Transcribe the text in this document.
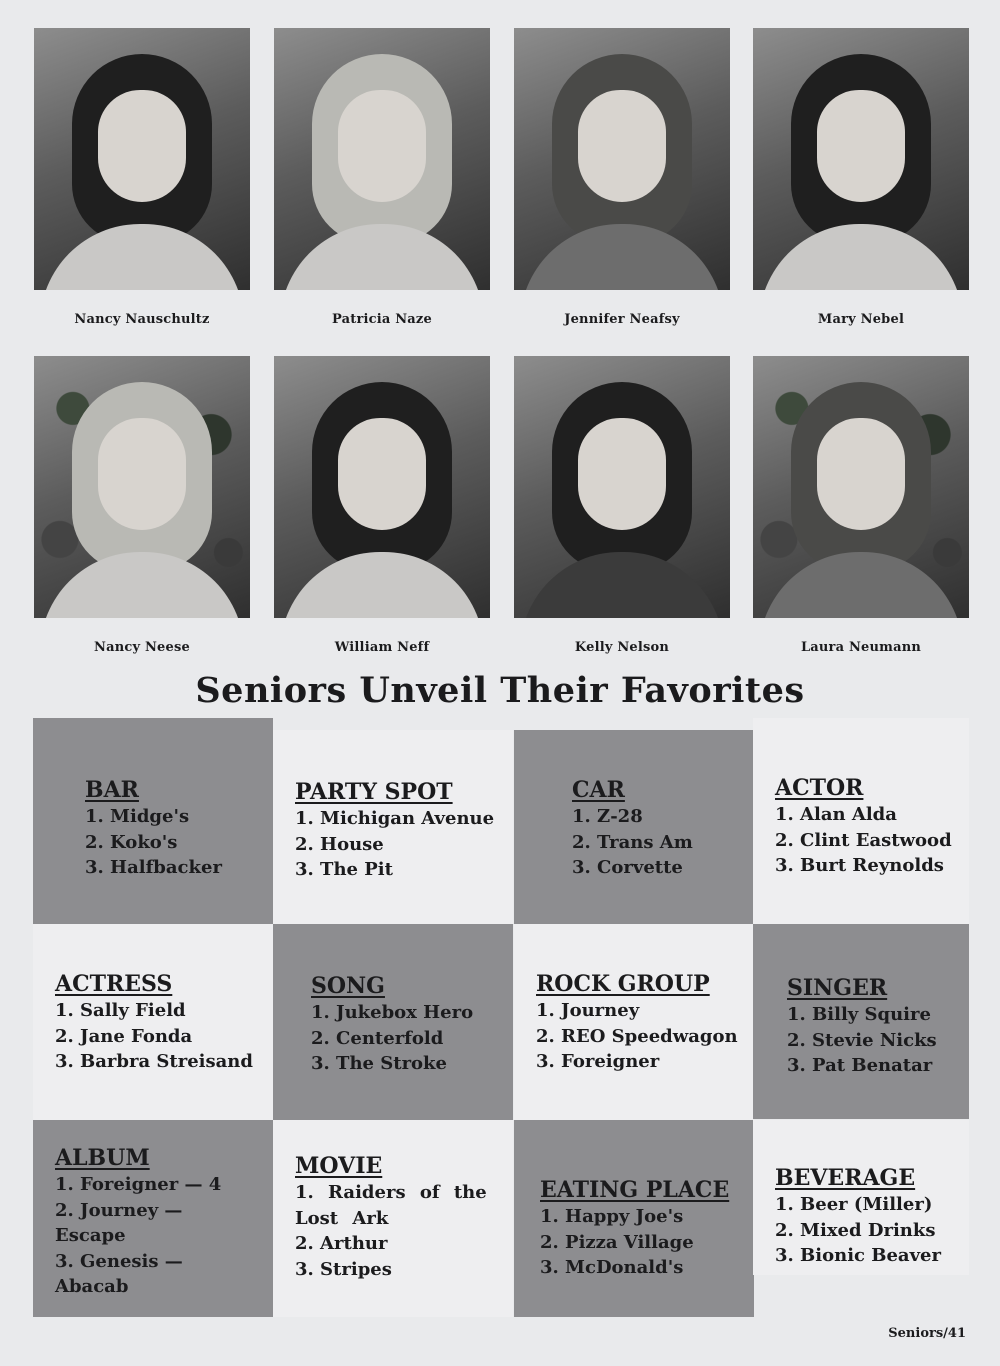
Nancy Nauschultz	Patricia Naze	Jennifer Neafsy	Mary Nebel
Nancy Neese	William Neff	Kelly Nelson	Laura Neumann
Seniors Unveil Their Favorites
BAR
1. Midge's
2. Koko's
3. Halfbacker
PARTY SPOT
1. Michigan Avenue
2. House
3. The Pit
CAR
1. Z-28
2. Trans Am
3. Corvette
ACTOR
1. Alan Alda
2. Clint Eastwood
3. Burt Reynolds
ACTRESS
1. Sally Field
2. Jane Fonda
3. Barbra Streisand
SONG
1. Jukebox Hero
2. Centerfold
3. The Stroke
ROCK GROUP
1. Journey
2. REO Speedwagon
3. Foreigner
SINGER
1. Billy Squire
2. Stevie Nicks
3. Pat Benatar
ALBUM
1. Foreigner — 4
2. Journey —
Escape
3. Genesis —
Abacab
MOVIE
1. Raiders of the
Lost Ark
2. Arthur
3. Stripes
EATING PLACE
1. Happy Joe's
2. Pizza Village
3. McDonald's
BEVERAGE
1. Beer (Miller)
2. Mixed Drinks
3. Bionic Beaver
Seniors/41
